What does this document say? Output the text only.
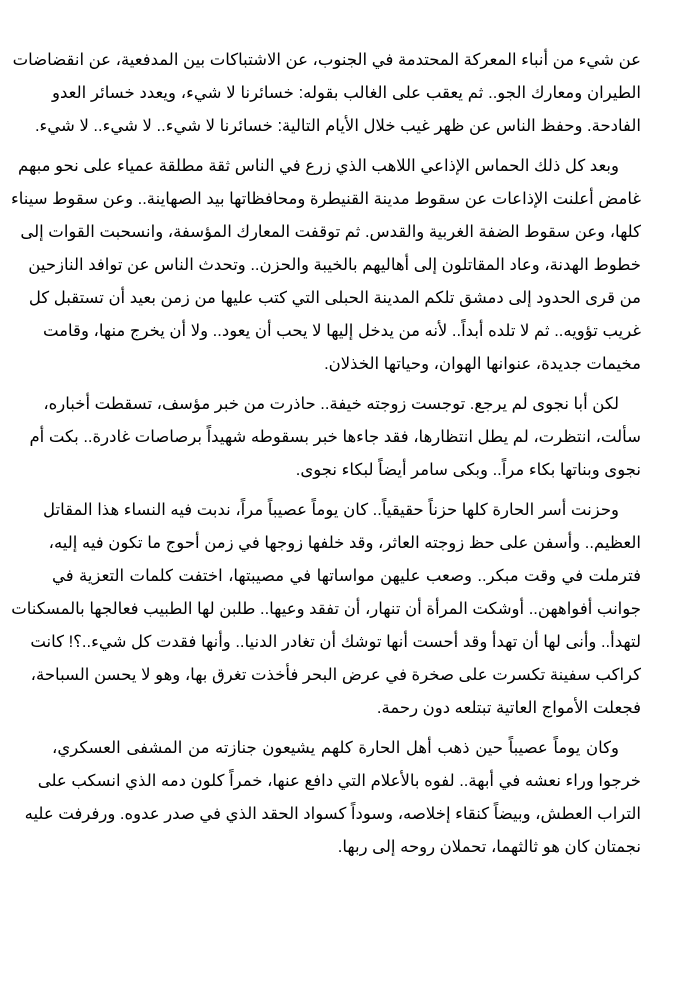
عن شيء من أنباء المعركة المحتدمة في الجنوب، عن الاشتباكات بين المدفعية، عن انقضاضات
الطيران ومعارك الجو.. ثم يعقب على الغالب بقوله: خسائرنا لا شيء، ويعدد خسائر العدو
الفادحة. وحفظ الناس عن ظهر غيب خلال الأيام التالية: خسائرنا لا شيء.. لا شيء.. لا شيء.
وبعد كل ذلك الحماس الإذاعي اللاهب الذي زرع في الناس ثقة مطلقة عمياء على نحو مبهم
غامض أعلنت الإذاعات عن سقوط مدينة القنيطرة ومحافظاتها بيد الصهاينة.. وعن سقوط سيناء
كلها، وعن سقوط الضفة الغربية والقدس. ثم توقفت المعارك المؤسفة، وانسحبت القوات إلى
خطوط الهدنة، وعاد المقاتلون إلى أهاليهم بالخيبة والحزن.. وتحدث الناس عن توافد النازحين
من قرى الحدود إلى دمشق تلكم المدينة الحبلى التي كتب عليها من زمن بعيد أن تستقبل كل
غريب تؤويه.. ثم لا تلده أبداً.. لأنه من يدخل إليها لا يحب أن يعود.. ولا أن يخرج منها، وقامت
مخيمات جديدة، عنوانها الهوان، وحياتها الخذلان.
لكن أبا نجوى لم يرجع. توجست زوجته خيفة.. حاذرت من خبر مؤسف، تسقطت أخباره،
سألت، انتظرت، لم يطل انتظارها، فقد جاءها خبر بسقوطه شهيداً برصاصات غادرة.. بكت أم
نجوى وبناتها بكاء مراً.. وبكى سامر أيضاً لبكاء نجوى.
وحزنت أسر الحارة كلها حزناً حقيقياً.. كان يوماً عصيباً مراً، ندبت فيه النساء هذا المقاتل
العظيم.. وأسفن على حظ زوجته العاثر، وقد خلفها زوجها في زمن أحوج ما تكون فيه إليه،
فترملت في وقت مبكر.. وصعب عليهن مواساتها في مصيبتها، اختفت كلمات التعزية في
جوانب أفواههن.. أوشكت المرأة أن تنهار، أن تفقد وعيها.. طلبن لها الطبيب فعالجها بالمسكنات
لتهدأ.. وأنى لها أن تهدأ وقد أحست أنها توشك أن تغادر الدنيا.. وأنها فقدت كل شيء..؟! كانت
كراكب سفينة تكسرت على صخرة في عرض البحر فأخذت تغرق بها، وهو لا يحسن السباحة،
فجعلت الأمواج العاتية تبتلعه دون رحمة.
وكان يوماً عصيباً حين ذهب أهل الحارة كلهم يشيعون جنازته من المشفى العسكري،
خرجوا وراء نعشه في أبهة.. لفوه بالأعلام التي دافع عنها، خمراً كلون دمه الذي انسكب على
التراب العطش، وبيضاً كنقاء إخلاصه، وسوداً كسواد الحقد الذي في صدر عدوه. ورفرفت عليه
نجمتان كان هو ثالثهما، تحملان روحه إلى ربها.
